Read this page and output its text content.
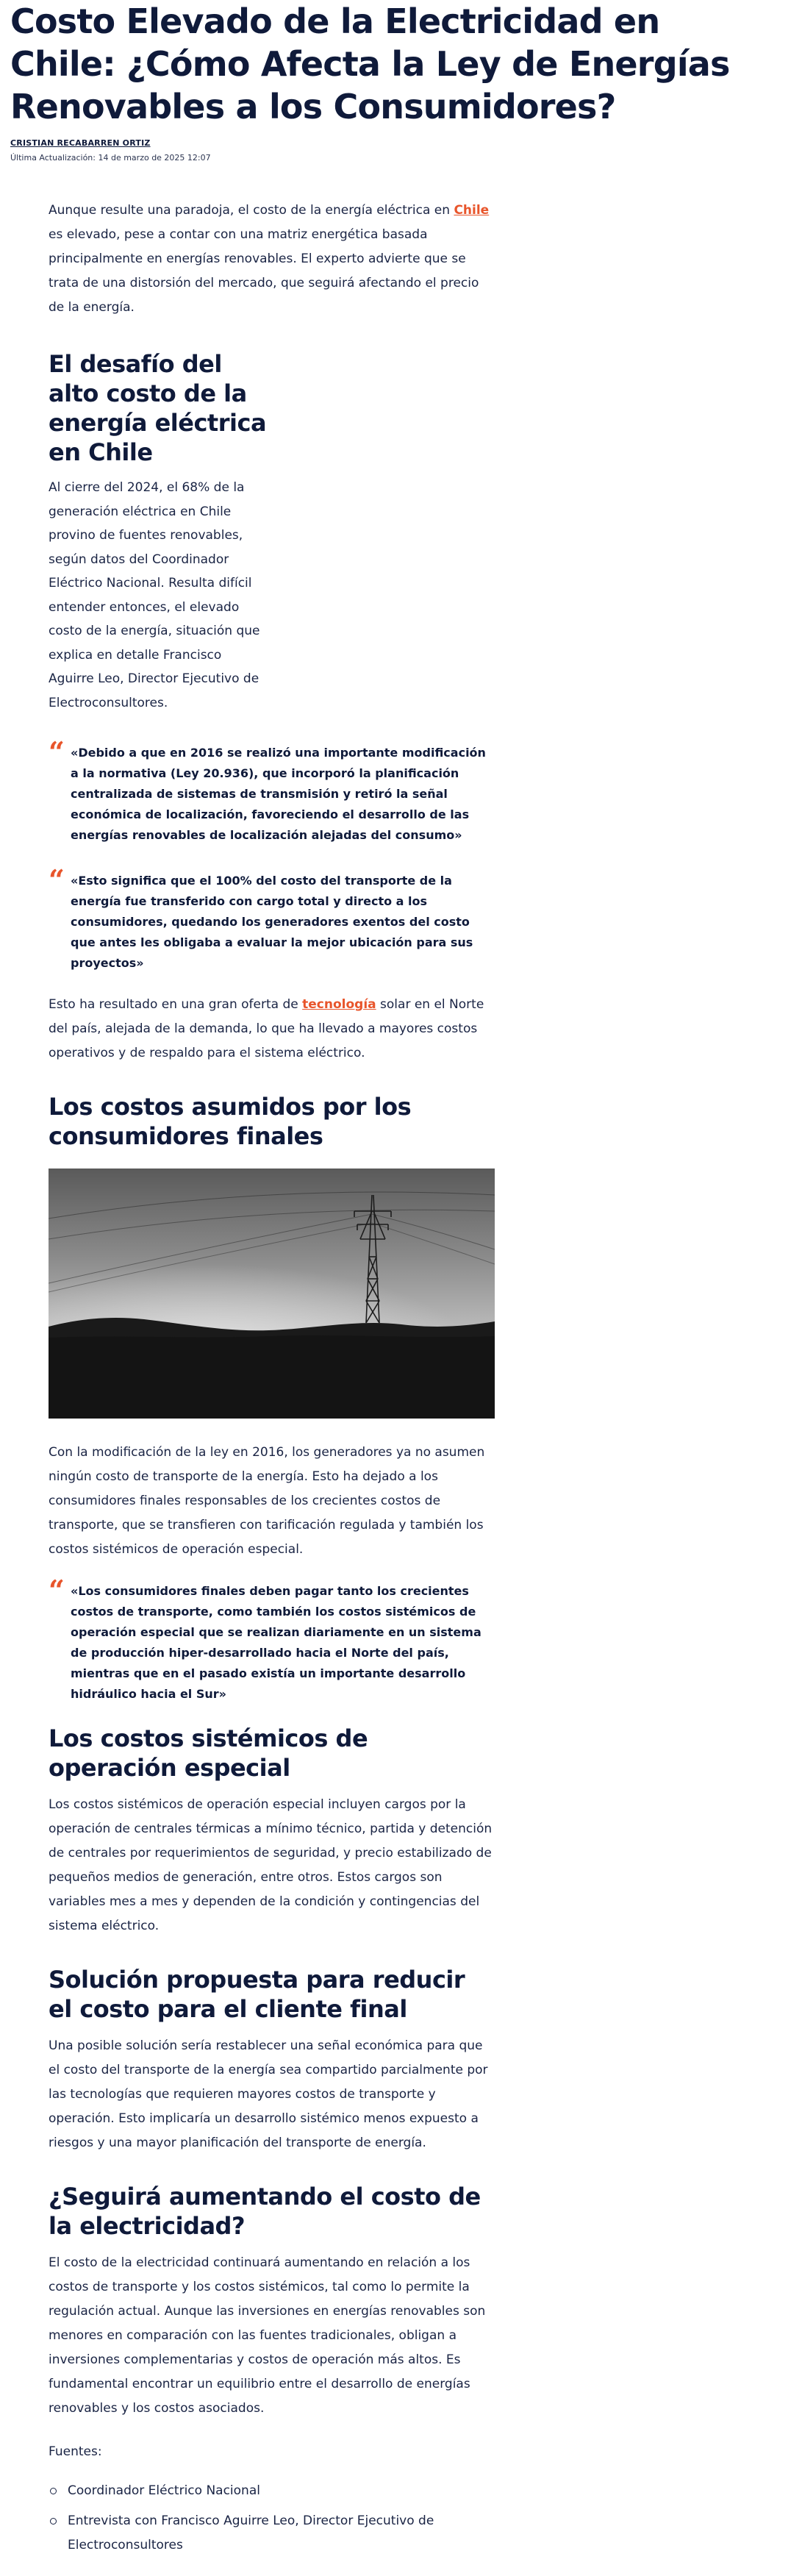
Costo Elevado de la Electricidad en Chile: ¿Cómo Afecta la Ley de Energías Renovables a los Consumidores?
CRISTIAN RECABARREN ORTIZ
Última Actualización: 14 de marzo de 2025 12:07

Aunque resulte una paradoja, el costo de la energía eléctrica en Chile es elevado, pese a contar con una matriz energética basada principalmente en energías renovables. El experto advierte que se trata de una distorsión del mercado, que seguirá afectando el precio de la energía.

El desafío del alto costo de la energía eléctrica en Chile

Al cierre del 2024, el 68% de la generación eléctrica en Chile provino de fuentes renovables, según datos del Coordinador Eléctrico Nacional. Resulta difícil entender entonces, el elevado costo de la energía, situación que explica en detalle Francisco Aguirre Leo, Director Ejecutivo de Electroconsultores.

“ «Debido a que en 2016 se realizó una importante modificación a la normativa (Ley 20.936), que incorporó la planificación centralizada de sistemas de transmisión y retiró la señal económica de localización, favoreciendo el desarrollo de las energías renovables de localización alejadas del consumo»
“ «Esto significa que el 100% del costo del transporte de la energía fue transferido con cargo total y directo a los consumidores, quedando los generadores exentos del costo que antes les obligaba a evaluar la mejor ubicación para sus proyectos»

Esto ha resultado en una gran oferta de tecnología solar en el Norte del país, alejada de la demanda, lo que ha llevado a mayores costos operativos y de respaldo para el sistema eléctrico.

Los costos asumidos por los consumidores finales

Con la modificación de la ley en 2016, los generadores ya no asumen ningún costo de transporte de la energía. Esto ha dejado a los consumidores finales responsables de los crecientes costos de transporte, que se transfieren con tarificación regulada y también los costos sistémicos de operación especial.

“ «Los consumidores finales deben pagar tanto los crecientes costos de transporte, como también los costos sistémicos de operación especial que se realizan diariamente en un sistema de producción hiper-desarrollado hacia el Norte del país, mientras que en el pasado existía un importante desarrollo hidráulico hacia el Sur»
Los costos sistémicos de operación especial

Los costos sistémicos de operación especial incluyen cargos por la operación de centrales térmicas a mínimo técnico, partida y detención de centrales por requerimientos de seguridad, y precio estabilizado de pequeños medios de generación, entre otros. Estos cargos son variables mes a mes y dependen de la condición y contingencias del sistema eléctrico.

Solución propuesta para reducir el costo para el cliente final

Una posible solución sería restablecer una señal económica para que el costo del transporte de la energía sea compartido parcialmente por las tecnologías que requieren mayores costos de transporte y operación. Esto implicaría un desarrollo sistémico menos expuesto a riesgos y una mayor planificación del transporte de energía.

¿Seguirá aumentando el costo de la electricidad?

El costo de la electricidad continuará aumentando en relación a los costos de transporte y los costos sistémicos, tal como lo permite la regulación actual. Aunque las inversiones en energías renovables son menores en comparación con las fuentes tradicionales, obligan a inversiones complementarias y costos de operación más altos. Es fundamental encontrar un equilibrio entre el desarrollo de energías renovables y los costos asociados.

Fuentes:

Coordinador Eléctrico Nacional
Entrevista con Francisco Aguirre Leo, Director Ejecutivo de Electroconsultores
